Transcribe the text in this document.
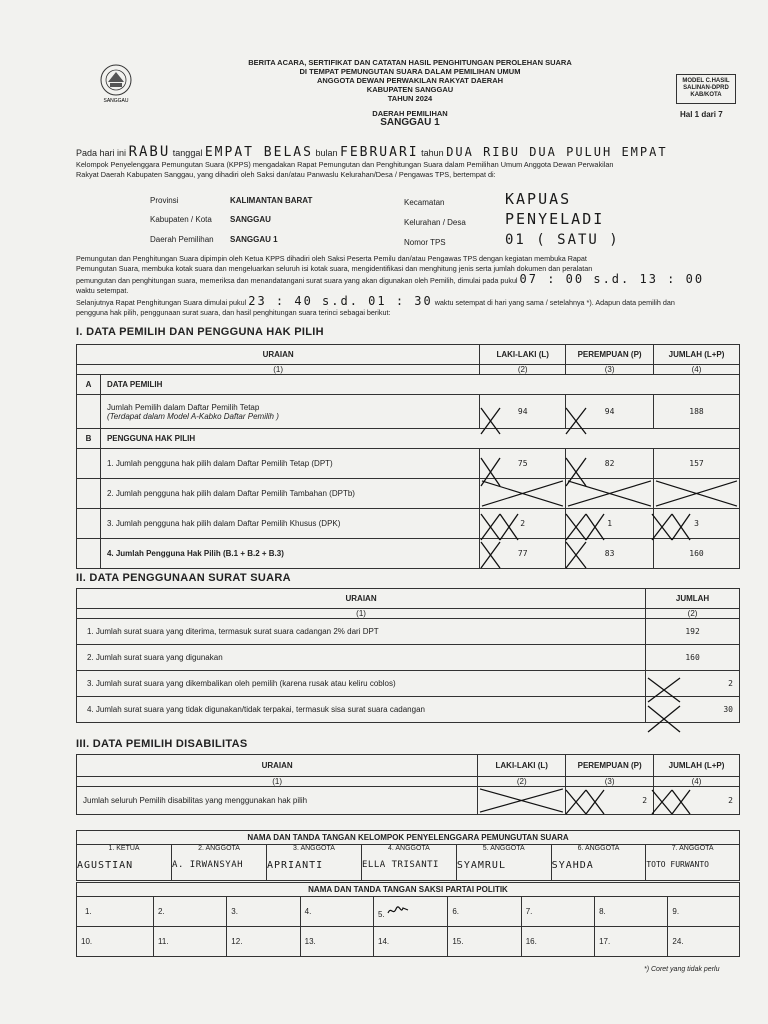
SANGGAU
BERITA ACARA, SERTIFIKAT DAN CATATAN HASIL PENGHITUNGAN PEROLEHAN SUARA
DI TEMPAT PEMUNGUTAN SUARA DALAM PEMILIHAN UMUM
ANGGOTA DEWAN PERWAKILAN RAKYAT DAERAH
KABUPATEN SANGGAU
TAHUN 2024
DAERAH PEMILIHAN
SANGGAU 1
MODEL C.HASIL
SALINAN-DPRD
KAB/KOTA
Hal 1 dari 7
Pada hari ini RABU tanggal EMPAT BELAS bulan FEBRUARI tahun DUA RIBU DUA PULUH EMPAT
Kelompok Penyelenggara Pemungutan Suara (KPPS) mengadakan Rapat Pemungutan dan Penghitungan Suara dalam Pemilihan Umum Anggota Dewan Perwakilan
Rakyat Daerah Kabupaten Sanggau, yang dihadiri oleh Saksi dan/atau Panwaslu Kelurahan/Desa / Pengawas TPS, bertempat di:
Provinsi	KALIMANTAN BARAT
Kabupaten / Kota SANGGAU
Daerah Pemilihan SANGGAU 1
Kecamatan	KAPUAS
Kelurahan / Desa	PENYELADI
Nomor TPS	01 ( SATU )
Pemungutan dan Penghitungan Suara dipimpin oleh Ketua KPPS dihadiri oleh Saksi Peserta Pemilu dan/atau Pengawas TPS dengan kegiatan membuka Rapat
Pemungutan Suara, membuka kotak suara dan mengeluarkan seluruh isi kotak suara, mengidentifikasi dan menghitung jenis serta jumlah dokumen dan peralatan
pemungutan dan penghitungan suara, memeriksa dan menandatangani surat suara yang akan digunakan oleh Pemilih, dimulai pada pukul 07 : 00 s.d. 13 : 00
waktu setempat.
Selanjutnya Rapat Penghitungan Suara dimulai pukul 23 : 40 s.d. 01 : 30 waktu setempat di hari yang sama / setelahnya *). Adapun data pemilih dan
pengguna hak pilih, penggunaan surat suara, dan hasil penghitungan suara terinci sebagai berikut:
I. DATA PEMILIH DAN PENGGUNA HAK PILIH
URAIAN		LAKI-LAKI (L)	PEREMPUAN (P)	JUMLAH (L+P)
(1)		(2)	(3)	(4)
A	DATA PEMILIH			

	Jumlah Pemilih dalam Daftar Pemilih Tetap
(Terdapat dalam Model A-Kabko Daftar Pemilih )	94	94	188
B	PENGGUNA HAK PILIH			
	1. Jumlah pengguna hak pilih dalam Daftar Pemilih Tetap (DPT)	75	82	157
	2. Jumlah pengguna hak pilih dalam Daftar Pemilih Tambahan (DPTb)	

	3. Jumlah pengguna hak pilih dalam Daftar Pemilih Khusus (DPK)	2	1	3
	4. Jumlah Pengguna Hak Pilih (B.1 + B.2 + B.3)	77	83	160
II. DATA PENGGUNAAN SURAT SUARA
URAIAN	JUMLAH
(1)	(2)
1. Jumlah surat suara yang diterima, termasuk surat suara cadangan 2% dari DPT	192
2. Jumlah surat suara yang digunakan	160
3. Jumlah surat suara yang dikembalikan oleh pemilih (karena rusak atau keliru coblos)	2
4. Jumlah surat suara yang tidak digunakan/tidak terpakai, termasuk sisa surat suara cadangan	30
III. DATA PEMILIH DISABILITAS
URAIAN	LAKI-LAKI (L)	PEREMPUAN (P)	JUMLAH (L+P)
(1)	(2)	(3)	(4)
Jumlah seluruh Pemilih disabilitas yang menggunakan hak pilih		2	2
NAMA DAN TANDA TANGAN KELOMPOK PENYELENGGARA PEMUNGUTAN SUARA

1. KETUA
AGUSTIAN

2. ANGGOTA
A. IRWANSYAH

3. ANGGOTA
APRIANTI

4. ANGGOTA
ELLA TRISANTI

5. ANGGOTA
SYAMRUL

6. ANGGOTA
SYAHDA

7. ANGGOTA
TOTO FURWANTO
NAMA DAN TANDA TANGAN SAKSI PARTAI POLITIK								
1.	2.	3.	4.	5.	6.	7.	8.	9.
10.	11.	12.	13.	14.	15.	16.	17.	24.
*) Coret yang tidak perlu
